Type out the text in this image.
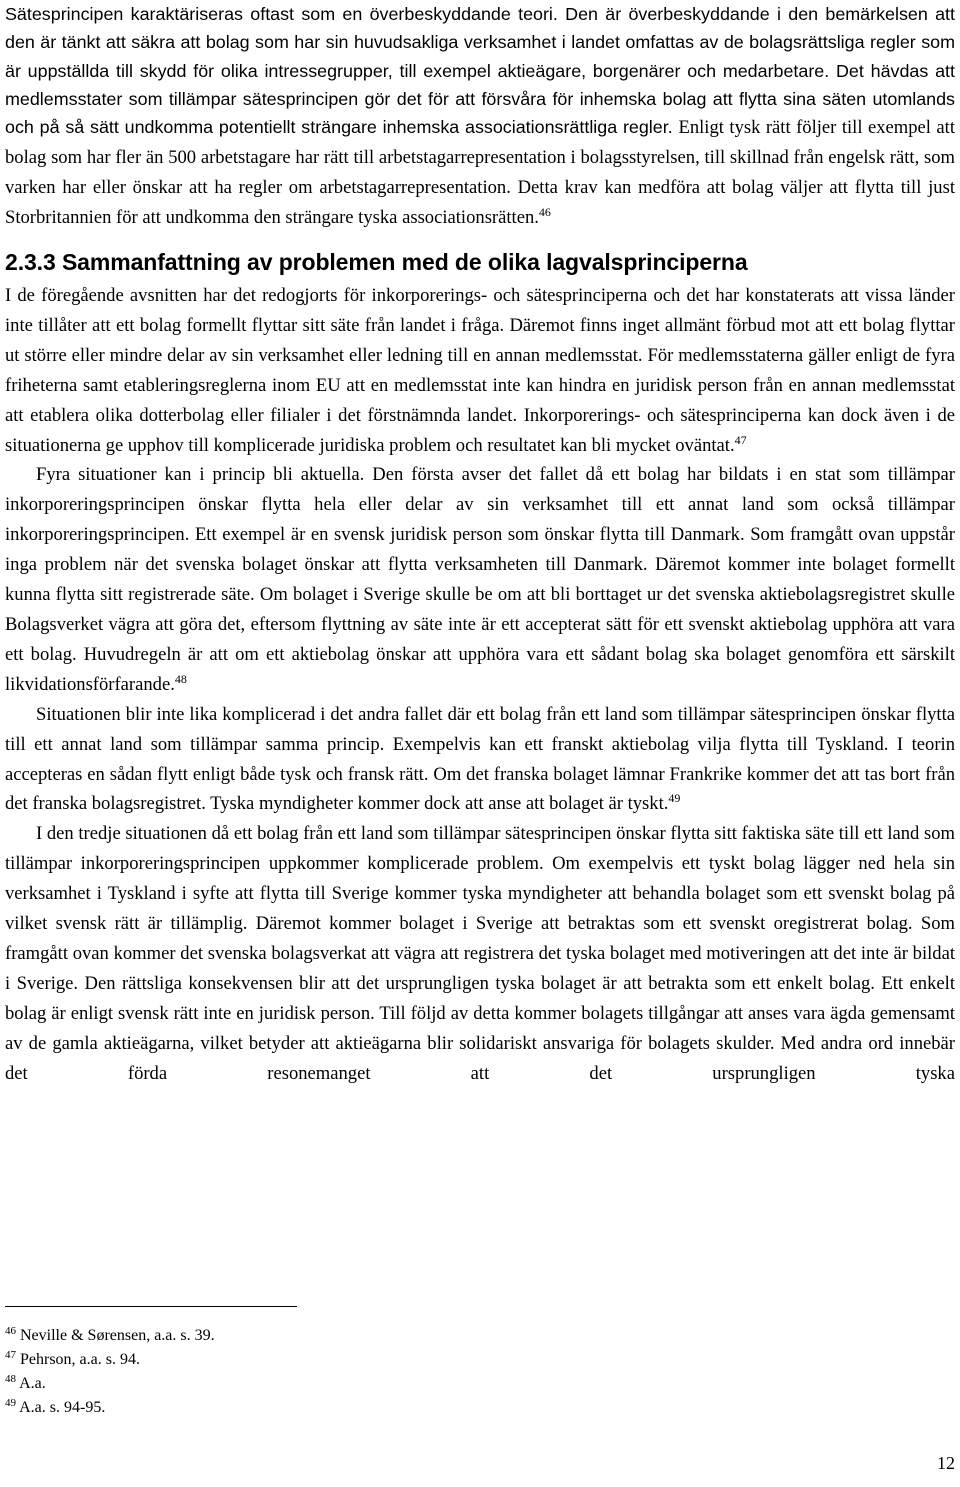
Sätesprincipen karaktäriseras oftast som en överbeskyddande teori. Den är överbeskyddande i den bemärkelsen att den är tänkt att säkra att bolag som har sin huvudsakliga verksamhet i landet omfattas av de bolagsrättsliga regler som är uppställda till skydd för olika intressegrupper, till exempel aktieägare, borgenärer och medarbetare. Det hävdas att medlemsstater som tillämpar sätesprincipen gör det för att försvåra för inhemska bolag att flytta sina säten utomlands och på så sätt undkomma potentiellt strängare inhemska associationsrättliga regler. Enligt tysk rätt följer till exempel att bolag som har fler än 500 arbetstagare har rätt till arbetstagarrepresentation i bolagsstyrelsen, till skillnad från engelsk rätt, som varken har eller önskar att ha regler om arbetstagarrepresentation. Detta krav kan medföra att bolag väljer att flytta till just Storbritannien för att undkomma den strängare tyska associationsrätten.$^{46}$

2.3.3 Sammanfattning av problemen med de olika lagvalsprinciperna

I de föregående avsnitten har det redogjorts för inkorporerings- och sätesprinciperna och det har konstaterats att vissa länder inte tillåter att ett bolag formellt flyttar sitt säte från landet i fråga. Däremot finns inget allmänt förbud mot att ett bolag flyttar ut större eller mindre delar av sin verksamhet eller ledning till en annan medlemsstat. För medlemsstaterna gäller enligt de fyra friheterna samt etableringsreglerna inom EU att en medlemsstat inte kan hindra en juridisk person från en annan medlemsstat att etablera olika dotterbolag eller filialer i det förstnämnda landet. Inkorporerings- och sätesprinciperna kan dock även i de situationerna ge upphov till komplicerade juridiska problem och resultatet kan bli mycket oväntat.$^{47}$

Fyra situationer kan i princip bli aktuella. Den första avser det fallet då ett bolag har bildats i en stat som tillämpar inkorporeringsprincipen önskar flytta hela eller delar av sin verksamhet till ett annat land som också tillämpar inkorporeringsprincipen. Ett exempel är en svensk juridisk person som önskar flytta till Danmark. Som framgått ovan uppstår inga problem när det svenska bolaget önskar att flytta verksamheten till Danmark. Däremot kommer inte bolaget formellt kunna flytta sitt registrerade säte. Om bolaget i Sverige skulle be om att bli borttaget ur det svenska aktiebolagsregistret skulle Bolagsverket vägra att göra det, eftersom flyttning av säte inte är ett accepterat sätt för ett svenskt aktiebolag upphöra att vara ett bolag. Huvudregeln är att om ett aktiebolag önskar att upphöra vara ett sådant bolag ska bolaget genomföra ett särskilt likvidationsförfarande.$^{48}$

Situationen blir inte lika komplicerad i det andra fallet där ett bolag från ett land som tillämpar sätesprincipen önskar flytta till ett annat land som tillämpar samma princip. Exempelvis kan ett franskt aktiebolag vilja flytta till Tyskland. I teorin accepteras en sådan flytt enligt både tysk och fransk rätt. Om det franska bolaget lämnar Frankrike kommer det att tas bort från det franska bolagsregistret. Tyska myndigheter kommer dock att anse att bolaget är tyskt.$^{49}$

I den tredje situationen då ett bolag från ett land som tillämpar sätesprincipen önskar flytta sitt faktiska säte till ett land som tillämpar inkorporeringsprincipen uppkommer komplicerade problem. Om exempelvis ett tyskt bolag lägger ned hela sin verksamhet i Tyskland i syfte att flytta till Sverige kommer tyska myndigheter att behandla bolaget som ett svenskt bolag på vilket svensk rätt är tillämplig. Däremot kommer bolaget i Sverige att betraktas som ett svenskt oregistrerat bolag. Som framgått ovan kommer det svenska bolagsverkat att vägra att registrera det tyska bolaget med motiveringen att det inte är bildat i Sverige. Den rättsliga konsekvensen blir att det ursprungligen tyska bolaget är att betrakta som ett enkelt bolag. Ett enkelt bolag är enligt svensk rätt inte en juridisk person. Till följd av detta kommer bolagets tillgångar att anses vara ägda gemensamt av de gamla aktieägarna, vilket betyder att aktieägarna blir solidariskt ansvariga för bolagets skulder. Med andra ord innebär det förda resonemanget att det ursprungligen tyska

$^{46}$ Neville & Sørensen, a.a. s. 39.
$^{47}$ Pehrson, a.a. s. 94.
$^{48}$ A.a.
$^{49}$ A.a. s. 94-95.
12
